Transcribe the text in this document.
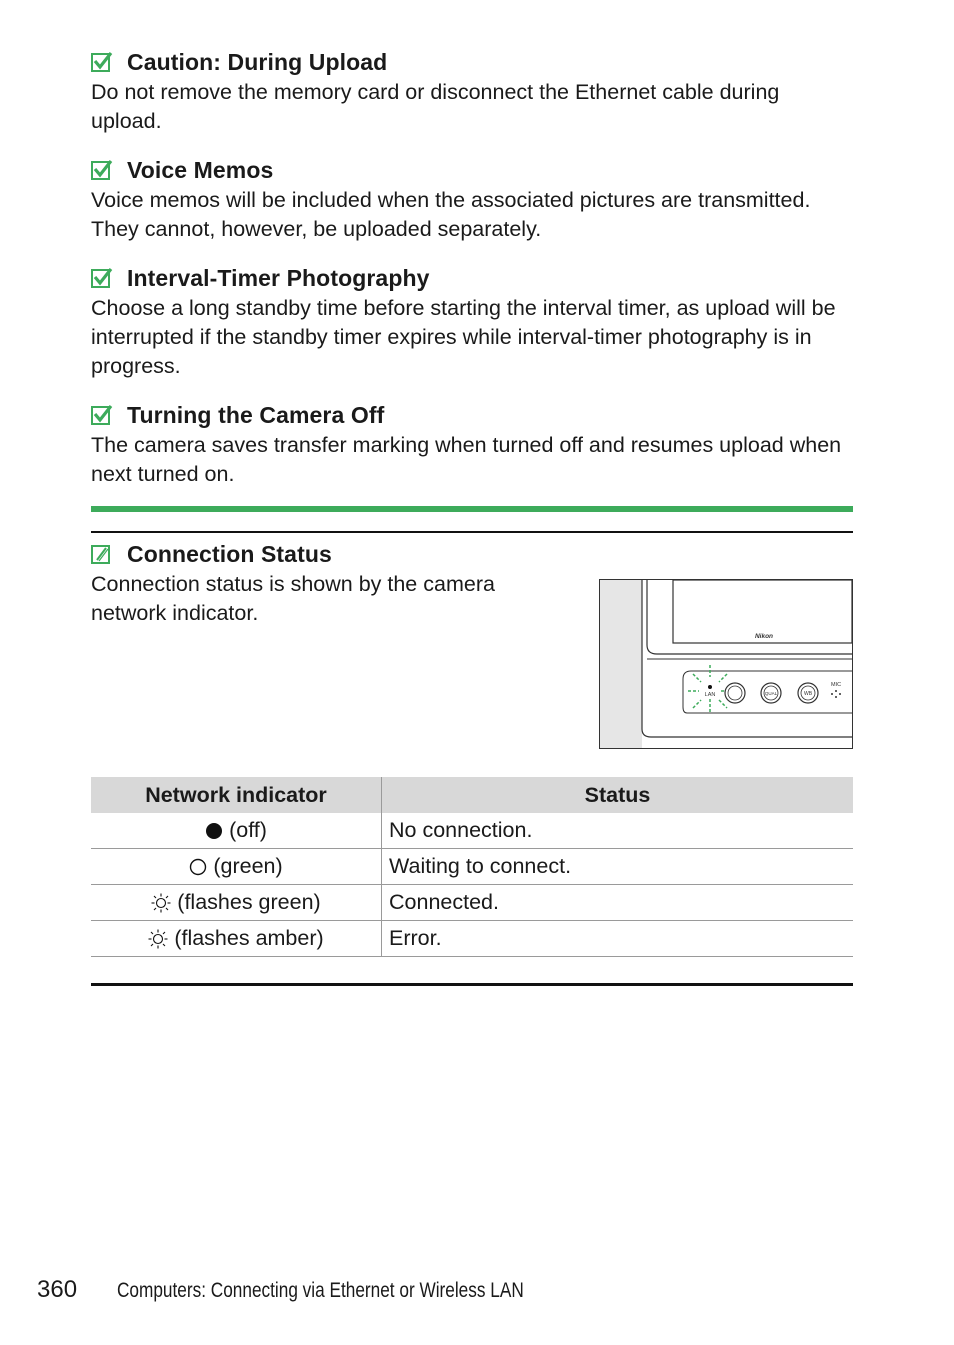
Caution: During Upload
Do not remove the memory card or disconnect the Ethernet cable during upload.
Voice Memos
Voice memos will be included when the associated pictures are transmitted. They cannot, however, be uploaded separately.
Interval-Timer Photography
Choose a long standby time before starting the interval timer, as upload will be interrupted if the standby timer expires while interval-timer photography is in progress.
Turning the Camera Off
The camera saves transfer marking when turned off and resumes upload when next turned on.
Connection Status
Connection status is shown by the camera network indicator.
Nikon
LAN	QUAL	WB
MIC
Network indicator	Status
(off)	No connection.
(green)	Waiting to connect.
(flashes green)	Connected.
(flashes amber)	Error.
360	Computers: Connecting via Ethernet or Wireless LAN
